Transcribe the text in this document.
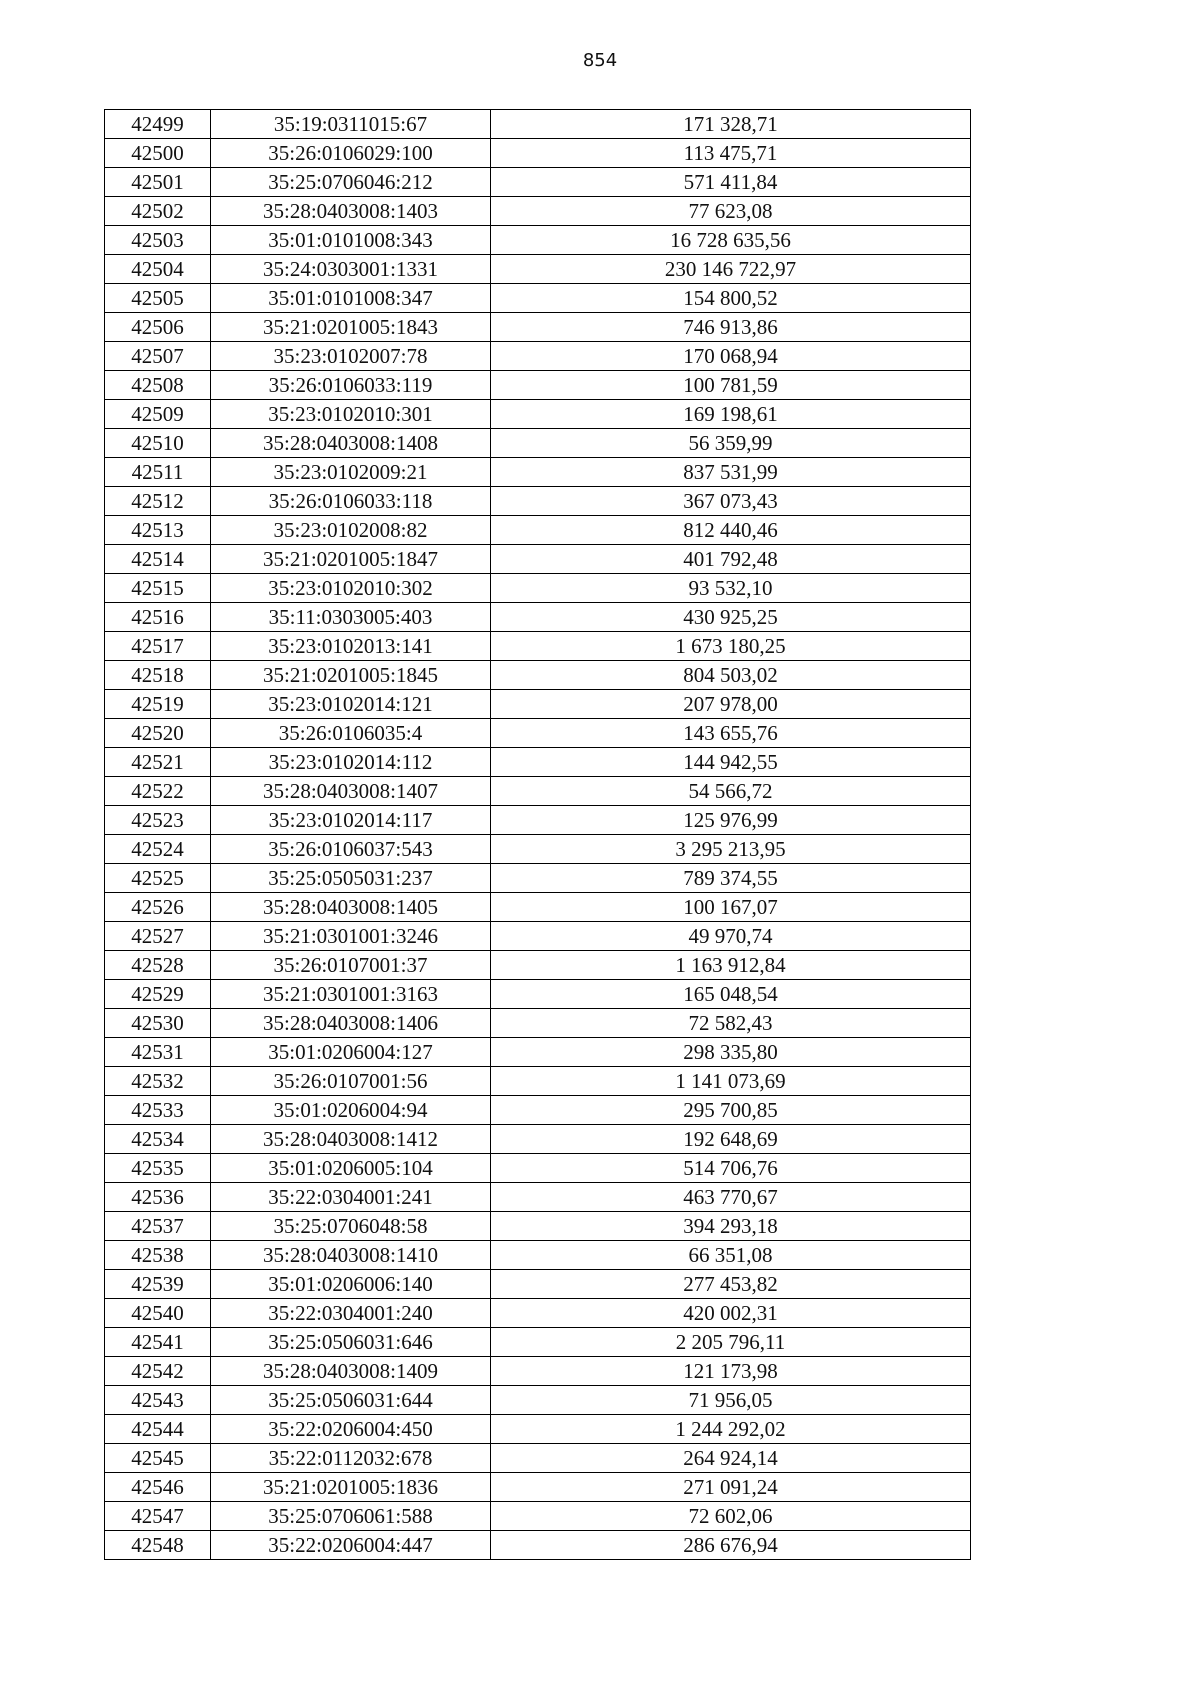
854
42499	35:19:0311015:67	171 328,71
42500	35:26:0106029:100	113 475,71
42501	35:25:0706046:212	571 411,84
42502	35:28:0403008:1403	77 623,08
42503	35:01:0101008:343	16 728 635,56
42504	35:24:0303001:1331	230 146 722,97
42505	35:01:0101008:347	154 800,52
42506	35:21:0201005:1843	746 913,86
42507	35:23:0102007:78	170 068,94
42508	35:26:0106033:119	100 781,59
42509	35:23:0102010:301	169 198,61
42510	35:28:0403008:1408	56 359,99
42511	35:23:0102009:21	837 531,99
42512	35:26:0106033:118	367 073,43
42513	35:23:0102008:82	812 440,46
42514	35:21:0201005:1847	401 792,48
42515	35:23:0102010:302	93 532,10
42516	35:11:0303005:403	430 925,25
42517	35:23:0102013:141	1 673 180,25
42518	35:21:0201005:1845	804 503,02
42519	35:23:0102014:121	207 978,00
42520	35:26:0106035:4	143 655,76
42521	35:23:0102014:112	144 942,55
42522	35:28:0403008:1407	54 566,72
42523	35:23:0102014:117	125 976,99
42524	35:26:0106037:543	3 295 213,95
42525	35:25:0505031:237	789 374,55
42526	35:28:0403008:1405	100 167,07
42527	35:21:0301001:3246	49 970,74
42528	35:26:0107001:37	1 163 912,84
42529	35:21:0301001:3163	165 048,54
42530	35:28:0403008:1406	72 582,43
42531	35:01:0206004:127	298 335,80
42532	35:26:0107001:56	1 141 073,69
42533	35:01:0206004:94	295 700,85
42534	35:28:0403008:1412	192 648,69
42535	35:01:0206005:104	514 706,76
42536	35:22:0304001:241	463 770,67
42537	35:25:0706048:58	394 293,18
42538	35:28:0403008:1410	66 351,08
42539	35:01:0206006:140	277 453,82
42540	35:22:0304001:240	420 002,31
42541	35:25:0506031:646	2 205 796,11
42542	35:28:0403008:1409	121 173,98
42543	35:25:0506031:644	71 956,05
42544	35:22:0206004:450	1 244 292,02
42545	35:22:0112032:678	264 924,14
42546	35:21:0201005:1836	271 091,24
42547	35:25:0706061:588	72 602,06
42548	35:22:0206004:447	286 676,94
